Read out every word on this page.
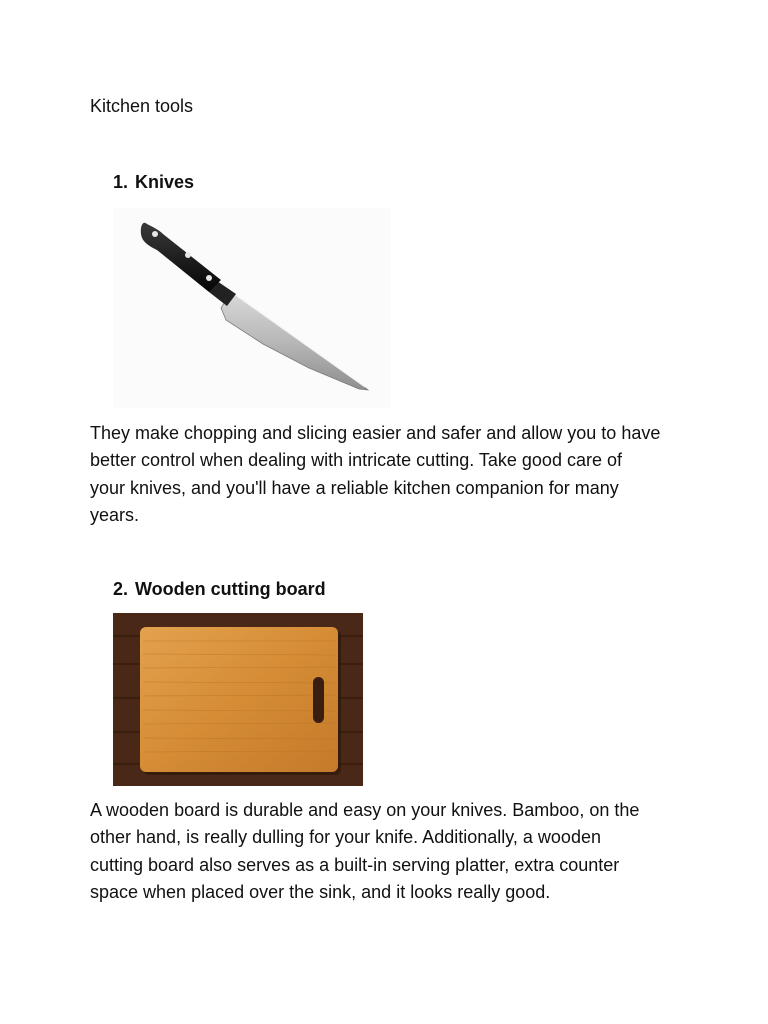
Kitchen tools
1. Knives
They make chopping and slicing easier and safer and allow you to have
better control when dealing with intricate cutting. Take good care of
your knives, and you'll have a reliable kitchen companion for many
years.
2. Wooden cutting board
A wooden board is durable and easy on your knives. Bamboo, on the
other hand, is really dulling for your knife. Additionally, a wooden
cutting board also serves as a built-in serving platter, extra counter
space when placed over the sink, and it looks really good.
